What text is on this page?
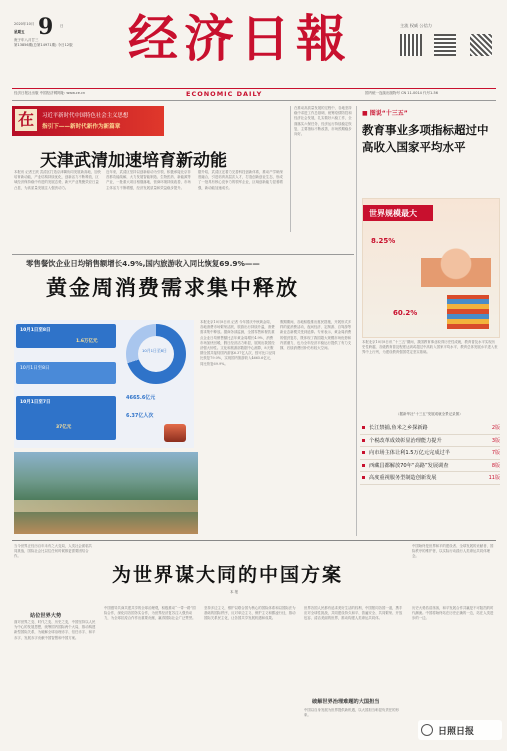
2020年10月 9 日
星期五
庚子年八月廿三
第13856期(总第14971期) 今日12版 经济日報	主流 权威 公信力
经济日报社出版 中国经济网网址: www.ce.cn	ECONOMIC DAILY	国内统一连续出版物号 CN 11-0014 代号1-56
在	习近平新时代中国特色社会主义思想
指引下——新时代新作为新篇章
天津武清加速培育新动能
本报讯 记者王跃 武清区打造京津冀协同发展新高地，加快培育新动能，产业结构持续优化，创新活力不断释放，区域经济保持稳中有进的发展态势，新兴产业集聚效应日益凸显，为高质量发展注入强劲动力。
近年来，武清区坚持以创新驱动为引领，积极承接北京非首都功能疏解，大力发展智能制造、生物医药、新能源等产业，一批重大项目相继落地，营商环境持续改善，市场主体活力不断增强，经济发展质量和效益稳步提升。
据介绍，武清区还着力完善科技创新体系，推动产学研深度融合，引进培育高层次人才，打造创新创业生态，形成了一批具有核心竞争力的领军企业，区域创新能力显著增强，新动能加速成长。
在推动高质量发展的过程中，各地坚持稳中求进工作总基调，统筹疫情防控和经济社会发展，扎实做好六稳工作，全面落实六保任务，经济运行持续稳定恢复，主要指标不断改善，市场预期稳步向好。
■ 图说“十三五”
教育事业多项指标超过中高收入国家平均水平
世界规模最大
8.25%
60.2%
本报北京10月8日讯 “十三五”期间，我国教育事业取得历史性成就，教育普及水平实现历史性跨越，各级教育普及程度达到或超过中高收入国家平均水平，教育总体发展水平进入世界中上行列，为建设教育强国奠定坚实基础。
（据新华社“十三五”发展成就全景记录图）
长江禁捕,鱼米之乡探新路	2版
个税改革成效彰显治理能力提升	3版
向市场主体让利1.5万亿元完成过半	7版
西藏昌都解放70年“高路”发展调查	8版
高度重视服务型制造创新发展	11版
零售餐饮企业日均销售额增长4.9%,国内旅游收入同比恢复69.9%——
黄金周消费需求集中释放
10月1日至8日
1.6万亿元
10月1日至8日
10月1日至7日
37亿元
10月1日至8日
4665.6亿元
6.37亿人次
本报北京10月8日讯 记者 今年国庆中秋黄金周，各地消费市场繁荣活跃，旅游出行持续升温，消费需求集中释放。据商务部监测，全国零售和餐饮重点企业日均销售额比去年黄金周增长4.9%，消费市场加快回暖，假日经济活力彰显，展现出我国经济强大韧性。文化和旅游部数据中心测算，8天假期全国共接待国内游客6.37亿人次，按可比口径同比恢复79.0%，实现国内旅游收入4665.6亿元，同比恢复69.9%。
假期期间，各地积极推出惠民措施，开展形式多样的促消费活动，夜间经济、定制游、自驾游等新业态新模式受到追捧。专家表示，黄金周消费的强劲复苏，既体现了我国超大规模市场优势和内需潜力，也为全年经济平稳运行提供了有力支撑，后续消费回补仍有较大空间。
为世界谋大同的中国方案
本 报
当今世界正经历百年未有之大变局，人类社会面临共同挑战，国际社会比以往任何时候都更需要团结合作。
中国始终是世界和平的建设者、全球发展的贡献者、国际秩序的维护者，以实际行动践行人类命运共同体理念。
站位世界大势
面对世界之变、时代之变、历史之变，中国坚持以人民为中心的发展思想，统筹国内国际两个大局，推动构建新型国际关系，为破解全球治理赤字、信任赤字、和平赤字、发展赤字贡献中国智慧和中国方案。
中国倡导共商共建共享的全球治理观，积极推动“一带一路”国际合作，深化同各国务实合作，为世界经济复苏注入强劲动力，为全球抗疫合作作出重要贡献，赢得国际社会广泛赞誉。
坚持多边主义，维护以联合国为核心的国际体系和以国际法为基础的国际秩序，反对单边主义、保护主义和霸凌行径，推动国际关系民主化，让各国共享发展机遇和成果。
破解世界治理难题的大国担当
世界各国人民都有追求美好生活的权利，中国愿同各国一道，携手应对全球性挑战，共同建设持久和平、普遍安全、共同繁荣、开放包容、清洁美丽的世界，推动构建人类命运共同体。
中国以自身发展为世界提供新机遇，以大国担当彰显负责任的形象。
历史大势浩浩荡荡，和平发展合作共赢是不可阻挡的时代潮流。中国将始终站在历史正确的一边，站在人类进步的一边。
日照日报
